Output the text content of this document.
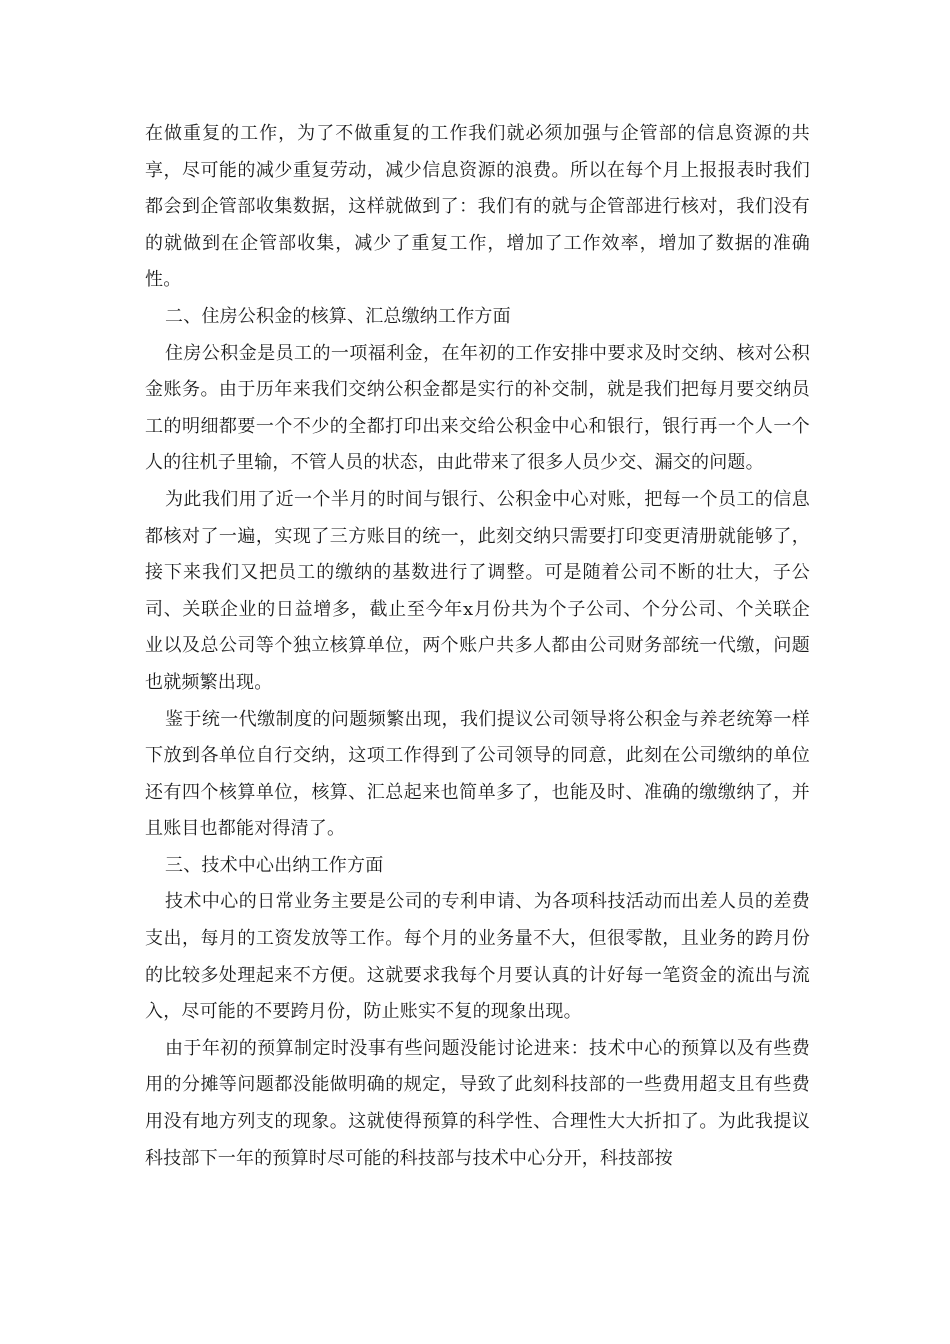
在做重复的工作，为了不做重复的工作我们就必须加强与企管部的信息资源的共享，尽可能的减少重复劳动，减少信息资源的浪费。所以在每个月上报报表时我们都会到企管部收集数据，这样就做到了：我们有的就与企管部进行核对，我们没有的就做到在企管部收集，减少了重复工作，增加了工作效率，增加了数据的准确性。

二、住房公积金的核算、汇总缴纳工作方面

住房公积金是员工的一项福利金，在年初的工作安排中要求及时交纳、核对公积金账务。由于历年来我们交纳公积金都是实行的补交制，就是我们把每月要交纳员工的明细都要一个不少的全都打印出来交给公积金中心和银行，银行再一个人一个人的往机子里输，不管人员的状态，由此带来了很多人员少交、漏交的问题。

为此我们用了近一个半月的时间与银行、公积金中心对账，把每一个员工的信息都核对了一遍，实现了三方账目的统一，此刻交纳只需要打印变更清册就能够了，接下来我们又把员工的缴纳的基数进行了调整。可是随着公司不断的壮大，子公司、关联企业的日益增多，截止至今年x月份共为个子公司、个分公司、个关联企业以及总公司等个独立核算单位，两个账户共多人都由公司财务部统一代缴，问题也就频繁出现。

鉴于统一代缴制度的问题频繁出现，我们提议公司领导将公积金与养老统筹一样下放到各单位自行交纳，这项工作得到了公司领导的同意，此刻在公司缴纳的单位还有四个核算单位，核算、汇总起来也简单多了，也能及时、准确的缴缴纳了，并且账目也都能对得清了。

三、技术中心出纳工作方面

技术中心的日常业务主要是公司的专利申请、为各项科技活动而出差人员的差费支出，每月的工资发放等工作。每个月的业务量不大，但很零散，且业务的跨月份的比较多处理起来不方便。这就要求我每个月要认真的计好每一笔资金的流出与流入，尽可能的不要跨月份，防止账实不复的现象出现。

由于年初的预算制定时没事有些问题没能讨论进来：技术中心的预算以及有些费用的分摊等问题都没能做明确的规定，导致了此刻科技部的一些费用超支且有些费用没有地方列支的现象。这就使得预算的科学性、合理性大大折扣了。为此我提议科技部下一年的预算时尽可能的科技部与技术中心分开，科技部按
